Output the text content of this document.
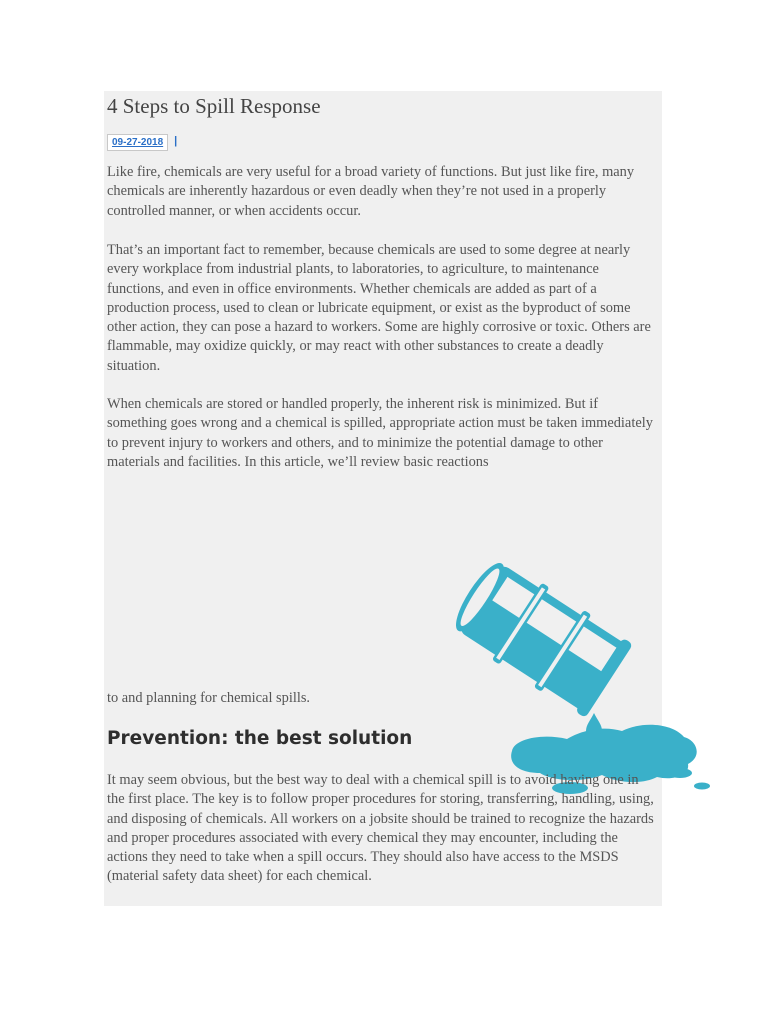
4 Steps to Spill Response
09-27-2018 |

Like fire, chemicals are very useful for a broad variety of functions. But just like fire, many chemicals are inherently hazardous or even deadly when they’re not used in a properly controlled manner, or when accidents occur.

That’s an important fact to remember, because chemicals are used to some degree at nearly every workplace from industrial plants, to laboratories, to agriculture, to maintenance functions, and even in office environments. Whether chemicals are added as part of a production process, used to clean or lubricate equipment, or exist as the byproduct of some other action, they can pose a hazard to workers. Some are highly corrosive or toxic. Others are flammable, may oxidize quickly, or may react with other substances to create a deadly situation.

When chemicals are stored or handled properly, the inherent risk is minimized. But if something goes wrong and a chemical is spilled, appropriate action must be taken immediately to prevent injury to workers and others, and to minimize the potential damage to other materials and facilities. In this article, we’ll review basic reactions

to and planning for chemical spills.

Prevention: the best solution

It may seem obvious, but the best way to deal with a chemical spill is to avoid having one in the first place. The key is to follow proper procedures for storing, transferring, handling, using, and disposing of chemicals. All workers on a jobsite should be trained to recognize the hazards and proper procedures associated with every chemical they may encounter, including the actions they need to take when a spill occurs. They should also have access to the MSDS (material safety data sheet) for each chemical.
